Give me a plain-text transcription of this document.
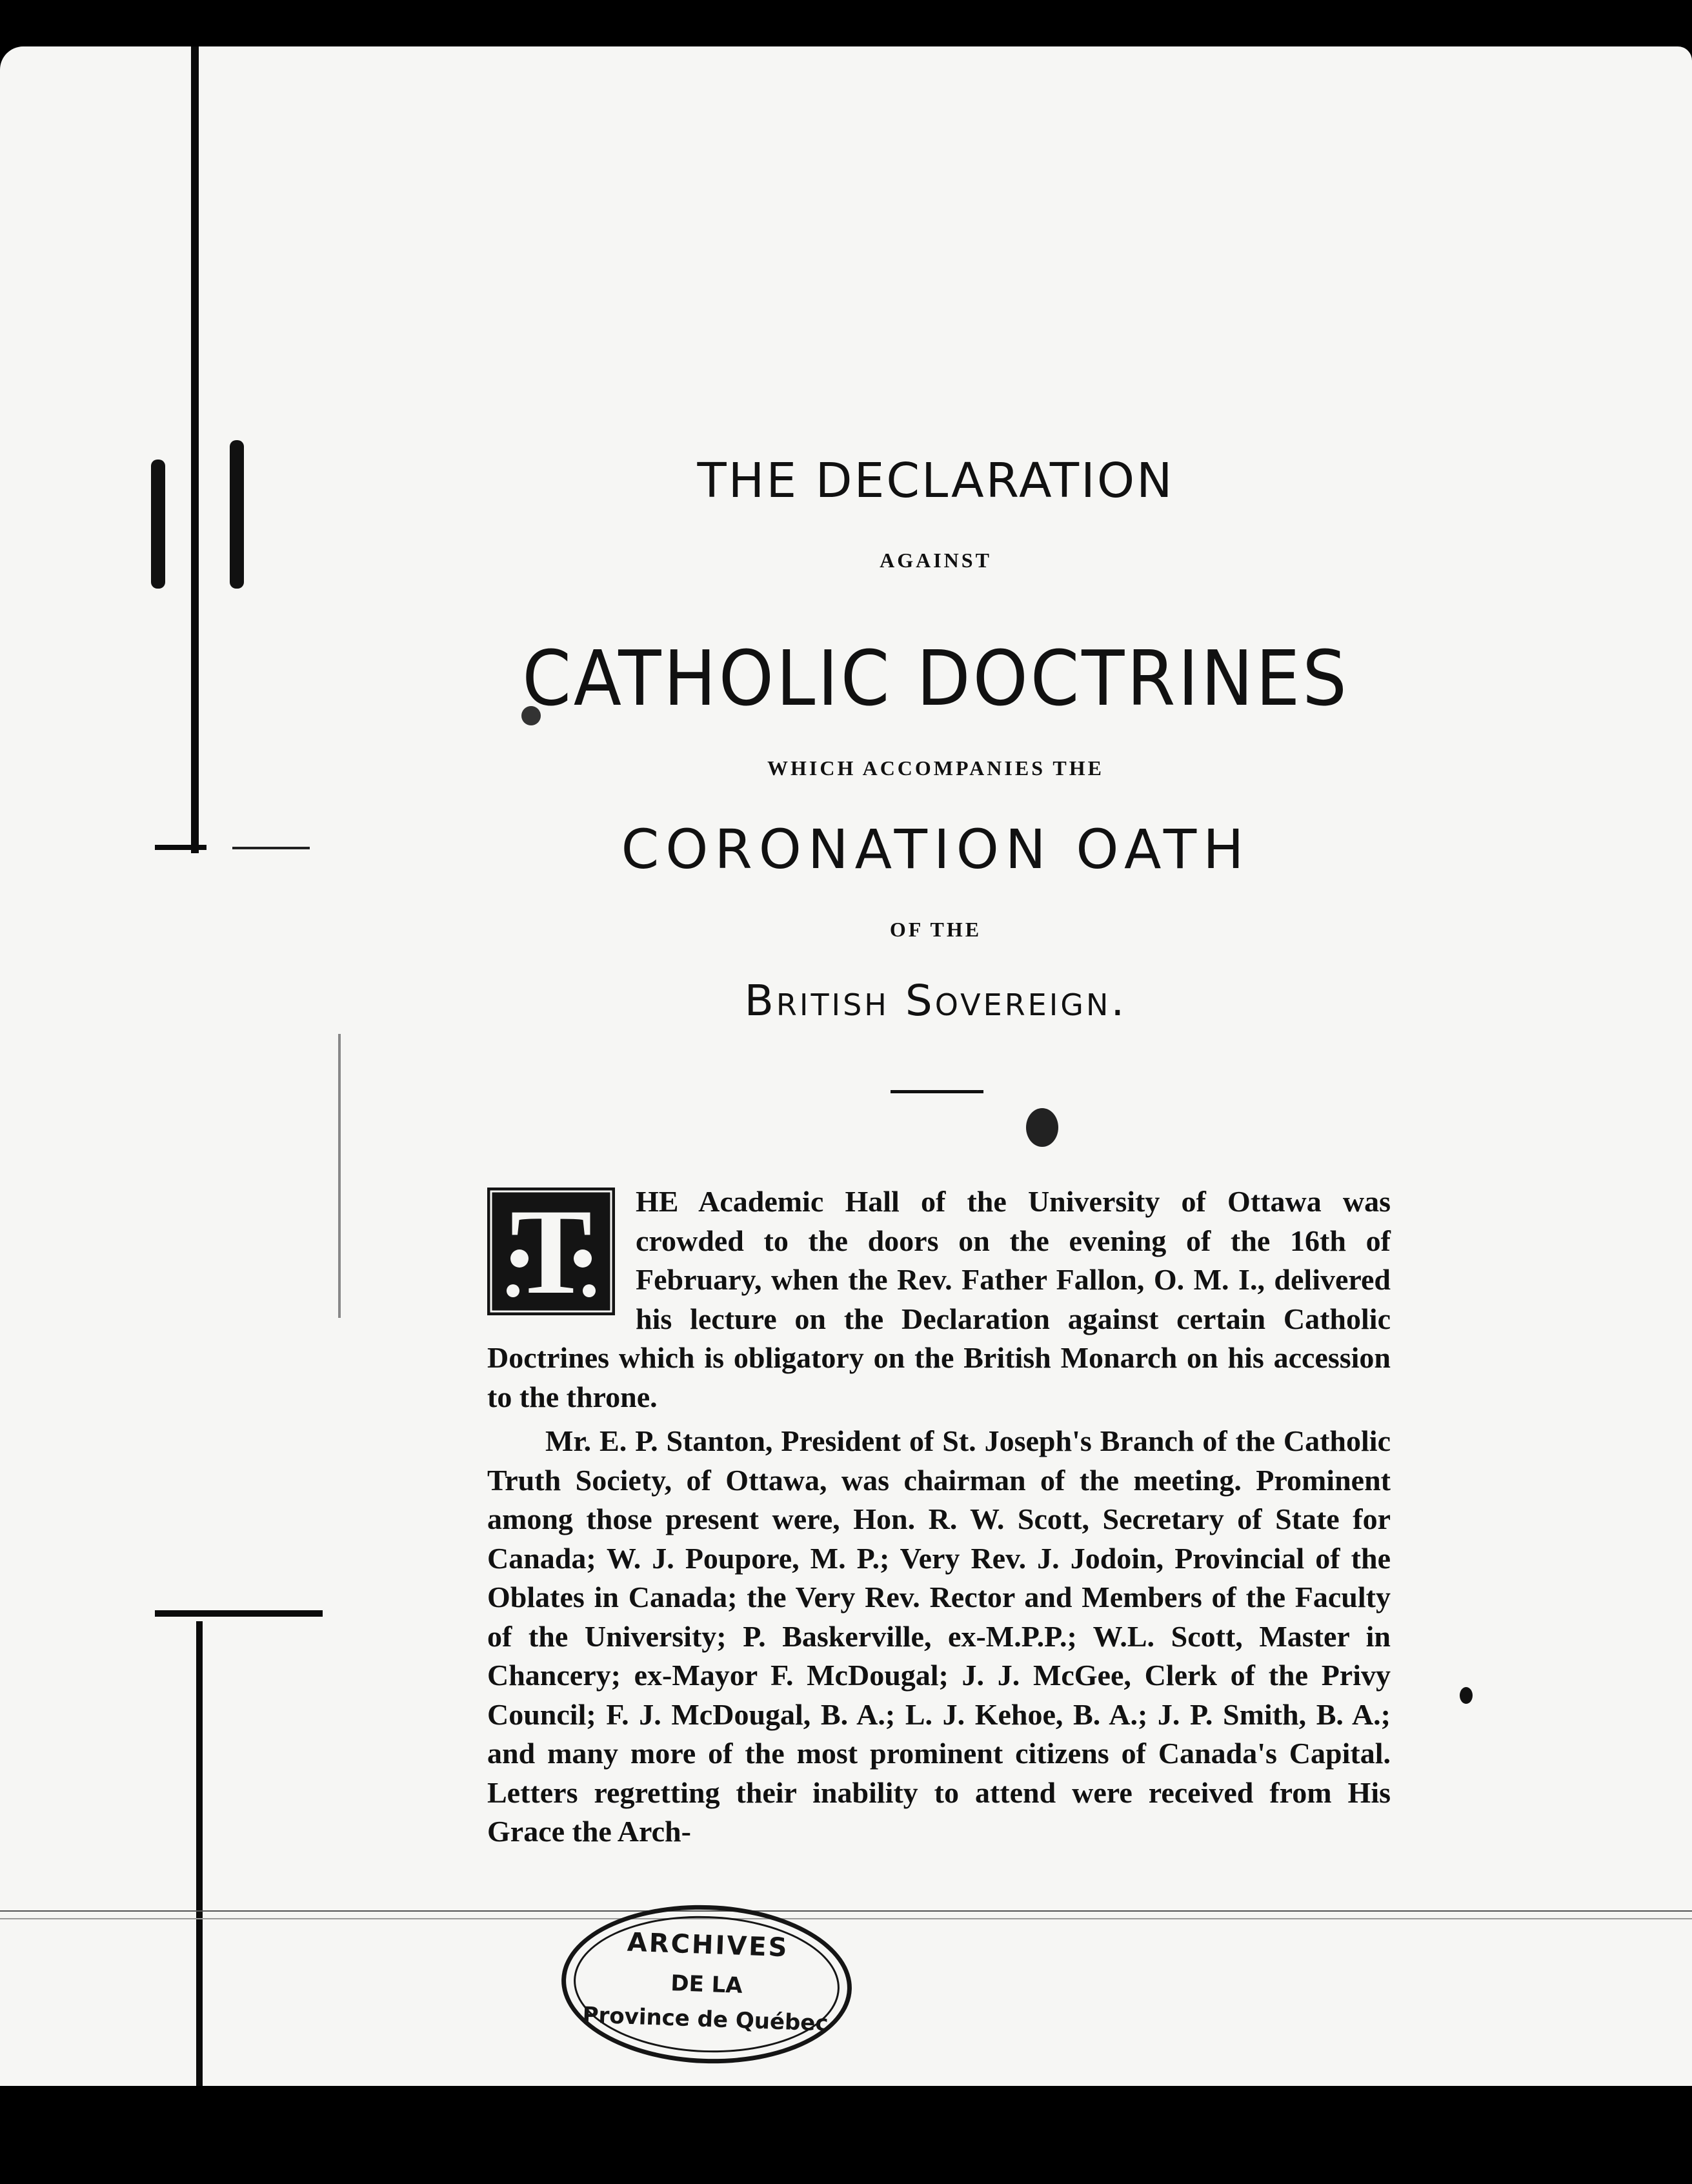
THE DECLARATION
AGAINST
CATHOLIC DOCTRINES
WHICH ACCOMPANIES THE
CORONATION OATH
OF THE
British Sovereign.

T	HE Academic Hall of the University of Ottawa was crowded to the doors on the evening of the 16th of February, when the Rev. Father Fallon, O. M. I., delivered his lecture on the Declaration against certain Catholic Doctrines which is obligatory on the British Monarch on his accession to the throne.

Mr. E. P. Stanton, President of St. Joseph's Branch of the Catholic Truth Society, of Ottawa, was chairman of the meeting. Prominent among those present were, Hon. R. W. Scott, Secretary of State for Canada; W. J. Poupore, M. P.; Very Rev. J. Jodoin, Provincial of the Oblates in Canada; the Very Rev. Rector and Members of the Faculty of the University; P. Baskerville, ex-M.P.P.; W.L. Scott, Master in Chancery; ex-Mayor F. McDougal; J. J. McGee, Clerk of the Privy Council; F. J. McDougal, B. A.; L. J. Kehoe, B. A.; J. P. Smith, B. A.; and many more of the most prominent citizens of Canada's Capital. Letters regretting their inability to attend were received from His Grace the Arch-

ARCHIVES
DE LA
Province de Québec
